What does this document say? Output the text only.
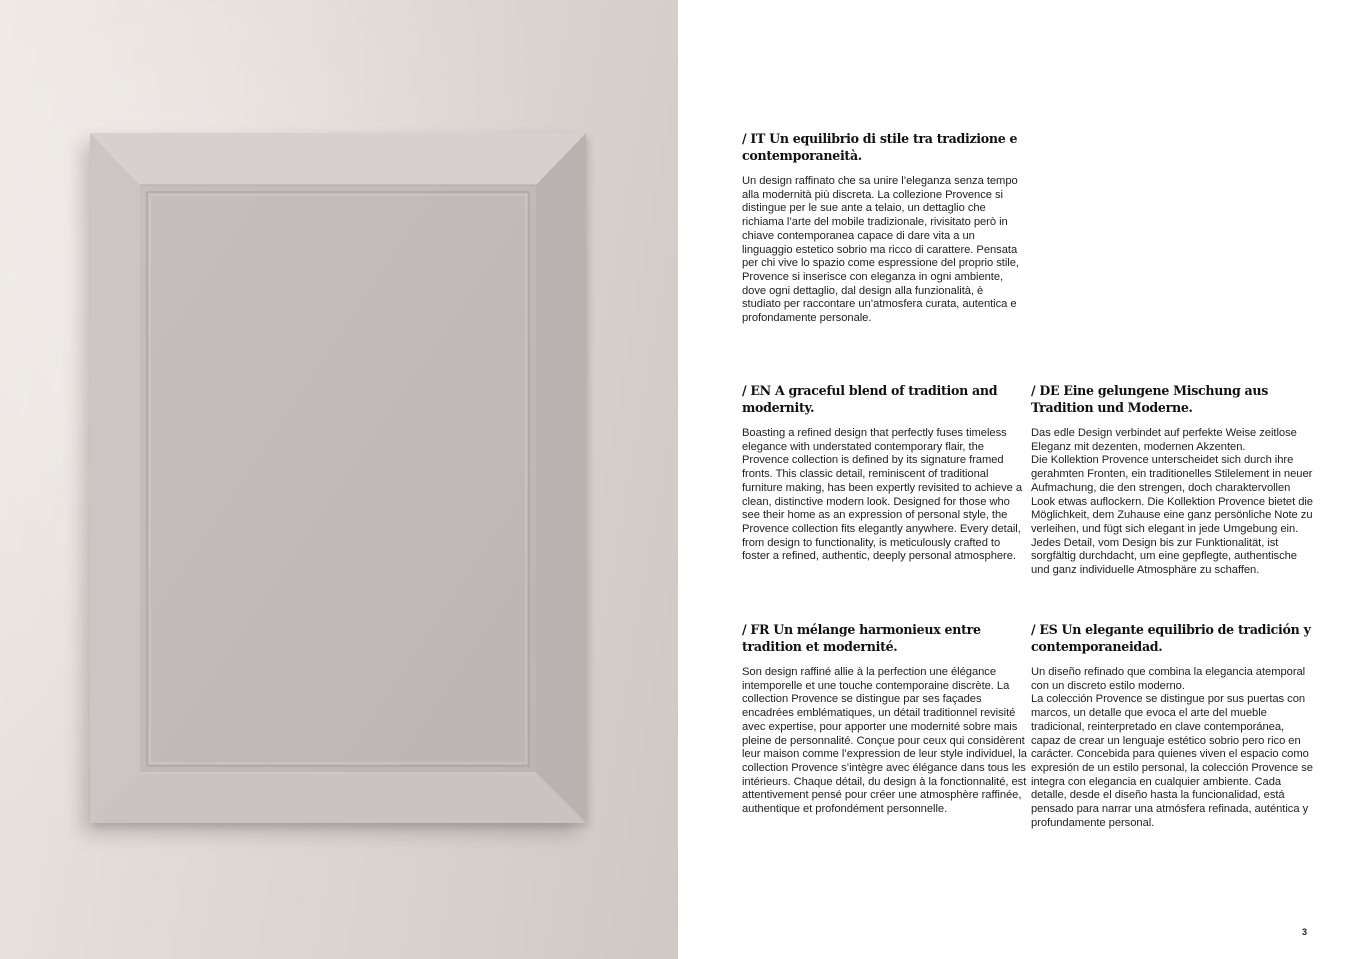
/ IT Un equilibrio di stile tra tradizione e contemporaneità.

Un design raffinato che sa unire l’eleganza senza tempo alla modernità più discreta. La collezione Provence si distingue per le sue ante a telaio, un dettaglio che richiama l’arte del mobile tradizionale, rivisitato però in chiave contemporanea capace di dare vita a un linguaggio estetico sobrio ma ricco di carattere. Pensata per chi vive lo spazio come espressione del proprio stile, Provence si inserisce con eleganza in ogni ambiente, dove ogni dettaglio, dal design alla funzionalità, è studiato per raccontare un’atmosfera curata, autentica e profondamente personale.

/ EN A graceful blend of tradition and modernity.

Boasting a refined design that perfectly fuses timeless elegance with understated contemporary flair, the Provence collection is defined by its signature framed fronts. This classic detail, reminiscent of traditional furniture making, has been expertly revisited to achieve a clean, distinctive modern look. Designed for those who see their home as an expression of personal style, the Provence collection fits elegantly anywhere. Every detail, from design to functionality, is meticulously crafted to foster a refined, authentic, deeply personal atmosphere.

/ DE Eine gelungene Mischung aus Tradition und Moderne.

Das edle Design verbindet auf perfekte Weise zeitlose Eleganz mit dezenten, modernen Akzenten.
Die Kollektion Provence unterscheidet sich durch ihre gerahmten Fronten, ein traditionelles Stilelement in neuer Aufmachung, die den strengen, doch charaktervollen Look etwas auflockern. Die Kollektion Provence bietet die Möglichkeit, dem Zuhause eine ganz persönliche Note zu verleihen, und fügt sich elegant in jede Umgebung ein. Jedes Detail, vom Design bis zur Funktionalität, ist sorgfältig durchdacht, um eine gepflegte, authentische und ganz individuelle Atmosphäre zu schaffen.

/ FR Un mélange harmonieux entre tradition et modernité.

Son design raffiné allie à la perfection une élégance intemporelle et une touche contemporaine discrète. La collection Provence se distingue par ses façades encadrées emblématiques, un détail traditionnel revisité avec expertise, pour apporter une modernité sobre mais pleine de personnalité. Conçue pour ceux qui considèrent leur maison comme l’expression de leur style individuel, la collection Provence s’intègre avec élégance dans tous les intérieurs. Chaque détail, du design à la fonctionnalité, est attentivement pensé pour créer une atmosphère raffinée, authentique et profondément personnelle.

/ ES Un elegante equilibrio de tradición y contemporaneidad.

Un diseño refinado que combina la elegancia atemporal con un discreto estilo moderno.
La colección Provence se distingue por sus puertas con marcos, un detalle que evoca el arte del mueble tradicional, reinterpretado en clave contemporánea, capaz de crear un lenguaje estético sobrio pero rico en carácter. Concebida para quienes viven el espacio como expresión de un estilo personal, la colección Provence se integra con elegancia en cualquier ambiente. Cada detalle, desde el diseño hasta la funcionalidad, está pensado para narrar una atmósfera refinada, auténtica y profundamente personal.

3
